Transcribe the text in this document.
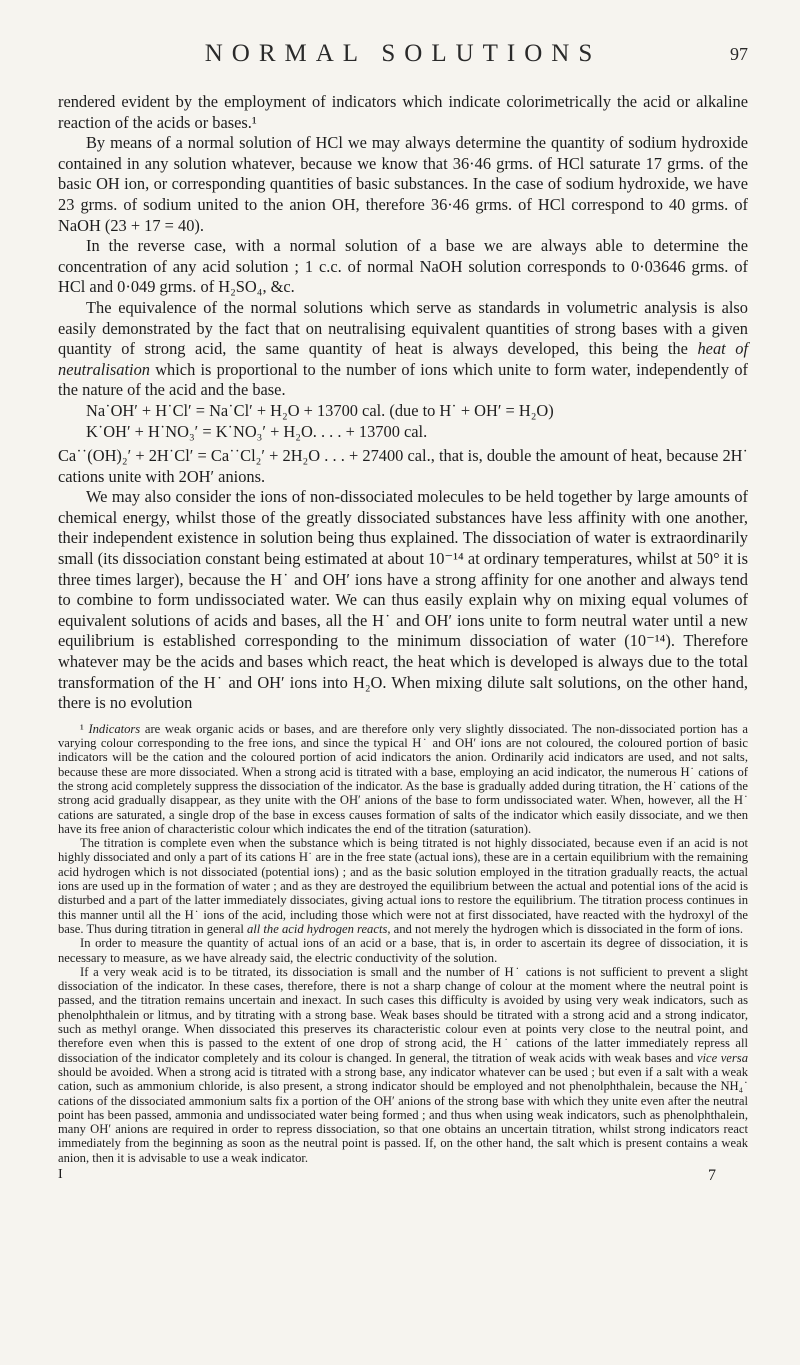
NORMAL SOLUTIONS	97

rendered evident by the employment of indicators which indicate colorimetrically the acid or alkaline reaction of the acids or bases.¹

By means of a normal solution of HCl we may always determine the quantity of sodium hydroxide contained in any solution whatever, because we know that 36·46 grms. of HCl saturate 17 grms. of the basic OH ion, or corresponding quantities of basic substances. In the case of sodium hydroxide, we have 23 grms. of sodium united to the anion OH, therefore 36·46 grms. of HCl correspond to 40 grms. of NaOH (23 + 17 = 40).

In the reverse case, with a normal solution of a base we are always able to determine the concentration of any acid solution ; 1 c.c. of normal NaOH solution corresponds to 0·03646 grms. of HCl and 0·049 grms. of H₂SO₄, &c.

The equivalence of the normal solutions which serve as standards in volumetric analysis is also easily demonstrated by the fact that on neutralising equivalent quantities of strong bases with a given quantity of strong acid, the same quantity of heat is always developed, this being the heat of neutralisation which is proportional to the number of ions which unite to form water, independently of the nature of the acid and the base.

Na˙OH′ + H˙Cl′ = Na˙Cl′ + H₂O + 13700 cal. (due to H˙ + OH′ = H₂O)

K˙OH′ + H˙NO₃′ = K˙NO₃′ + H₂O. . . . + 13700 cal.

Ca˙˙(OH)₂′ + 2H˙Cl′ = Ca˙˙Cl₂′ + 2H₂O . . . + 27400 cal., that is, double the amount of heat, because 2H˙ cations unite with 2OH′ anions.

We may also consider the ions of non-dissociated molecules to be held together by large amounts of chemical energy, whilst those of the greatly dissociated substances have less affinity with one another, their independent existence in solution being thus explained. The dissociation of water is extraordinarily small (its dissociation constant being estimated at about 10⁻¹⁴ at ordinary temperatures, whilst at 50° it is three times larger), because the H˙ and OH′ ions have a strong affinity for one another and always tend to combine to form undissociated water. We can thus easily explain why on mixing equal volumes of equivalent solutions of acids and bases, all the H˙ and OH′ ions unite to form neutral water until a new equilibrium is established corresponding to the minimum dissociation of water (10⁻¹⁴). Therefore whatever may be the acids and bases which react, the heat which is developed is always due to the total transformation of the H˙ and OH′ ions into H₂O. When mixing dilute salt solutions, on the other hand, there is no evolution

¹ Indicators are weak organic acids or bases, and are therefore only very slightly dissociated. The non-dissociated portion has a varying colour corresponding to the free ions, and since the typical H˙ and OH′ ions are not coloured, the coloured portion of basic indicators will be the cation and the coloured portion of acid indicators the anion. Ordinarily acid indicators are used, and not salts, because these are more dissociated. When a strong acid is titrated with a base, employing an acid indicator, the numerous H˙ cations of the strong acid completely suppress the dissociation of the indicator. As the base is gradually added during titration, the H˙ cations of the strong acid gradually disappear, as they unite with the OH′ anions of the base to form undissociated water. When, however, all the H˙ cations are saturated, a single drop of the base in excess causes formation of salts of the indicator which easily dissociate, and we then have its free anion of characteristic colour which indicates the end of the titration (saturation).

The titration is complete even when the substance which is being titrated is not highly dissociated, because even if an acid is not highly dissociated and only a part of its cations H˙ are in the free state (actual ions), these are in a certain equilibrium with the remaining acid hydrogen which is not dissociated (potential ions) ; and as the basic solution employed in the titration gradually reacts, the actual ions are used up in the formation of water ; and as they are destroyed the equilibrium between the actual and potential ions of the acid is disturbed and a part of the latter immediately dissociates, giving actual ions to restore the equilibrium. The titration process continues in this manner until all the H˙ ions of the acid, including those which were not at first dissociated, have reacted with the hydroxyl of the base. Thus during titration in general all the acid hydrogen reacts, and not merely the hydrogen which is dissociated in the form of ions.

In order to measure the quantity of actual ions of an acid or a base, that is, in order to ascertain its degree of dissociation, it is necessary to measure, as we have already said, the electric conductivity of the solution.

If a very weak acid is to be titrated, its dissociation is small and the number of H˙ cations is not sufficient to prevent a slight dissociation of the indicator. In these cases, therefore, there is not a sharp change of colour at the moment where the neutral point is passed, and the titration remains uncertain and inexact. In such cases this difficulty is avoided by using very weak indicators, such as phenolphthalein or litmus, and by titrating with a strong base. Weak bases should be titrated with a strong acid and a strong indicator, such as methyl orange. When dissociated this preserves its characteristic colour even at points very close to the neutral point, and therefore even when this is passed to the extent of one drop of strong acid, the H˙ cations of the latter immediately repress all dissociation of the indicator completely and its colour is changed. In general, the titration of weak acids with weak bases and vice versa should be avoided. When a strong acid is titrated with a strong base, any indicator whatever can be used ; but even if a salt with a weak cation, such as ammonium chloride, is also present, a strong indicator should be employed and not phenolphthalein, because the NH₄˙ cations of the dissociated ammonium salts fix a portion of the OH′ anions of the strong base with which they unite even after the neutral point has been passed, ammonia and undissociated water being formed ; and thus when using weak indicators, such as phenolphthalein, many OH′ anions are required in order to repress dissociation, so that one obtains an uncertain titration, whilst strong indicators react immediately from the beginning as soon as the neutral point is passed. If, on the other hand, the salt which is present contains a weak anion, then it is advisable to use a weak indicator.

I	7
